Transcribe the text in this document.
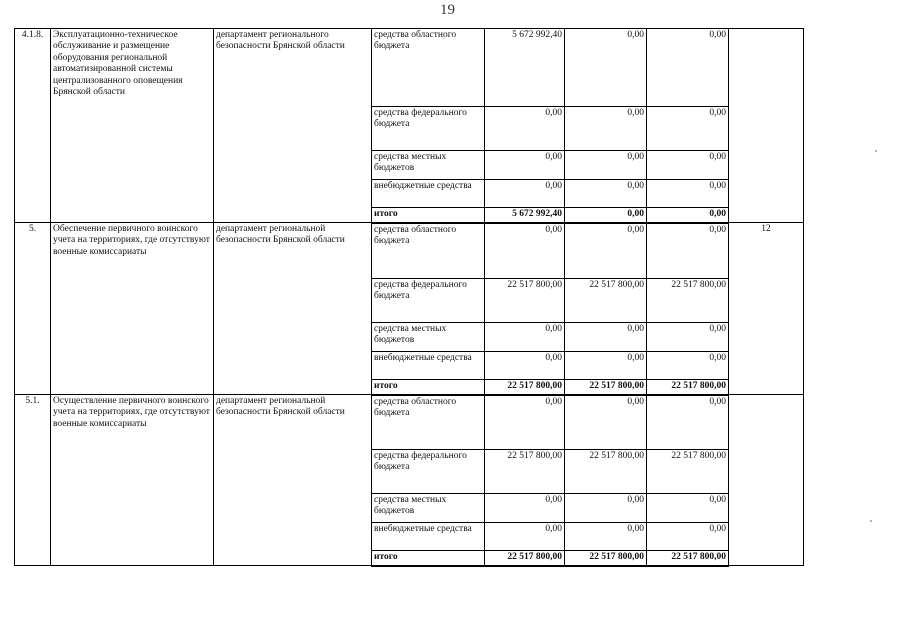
19
4.1.8.	Эксплуатационно-техническое обслуживание и размещение оборудования региональной автоматизированной системы централизованного оповещения Брянской области	департамент регионального безопасности Брянской области	средства областного бюджета	5 672 992,40	0,00	0,00	
			средства федерального бюджета	0,00	0,00	0,00	
			средства местных бюджетов	0,00	0,00	0,00	
			внебюджетные средства	0,00	0,00	0,00	
			итого	5 672 992,40	0,00	0,00	
5.	Обеспечение первичного воинского учета на территориях, где отсутствуют военные комиссариаты	департамент региональной безопасности Брянской области	средства областного бюджета	0,00	0,00	0,00	12
			средства федерального бюджета	22 517 800,00	22 517 800,00	22 517 800,00	
			средства местных бюджетов	0,00	0,00	0,00	
			внебюджетные средства	0,00	0,00	0,00	
			итого	22 517 800,00	22 517 800,00	22 517 800,00	
5.1.	Осуществление первичного воинского учета на территориях, где отсутствуют военные комиссариаты	департамент региональной безопасности Брянской области	средства областного бюджета	0,00	0,00	0,00	
			средства федерального бюджета	22 517 800,00	22 517 800,00	22 517 800,00	
			средства местных бюджетов	0,00	0,00	0,00	
			внебюджетные средства	0,00	0,00	0,00	
			итого	22 517 800,00	22 517 800,00	22 517 800,00	
